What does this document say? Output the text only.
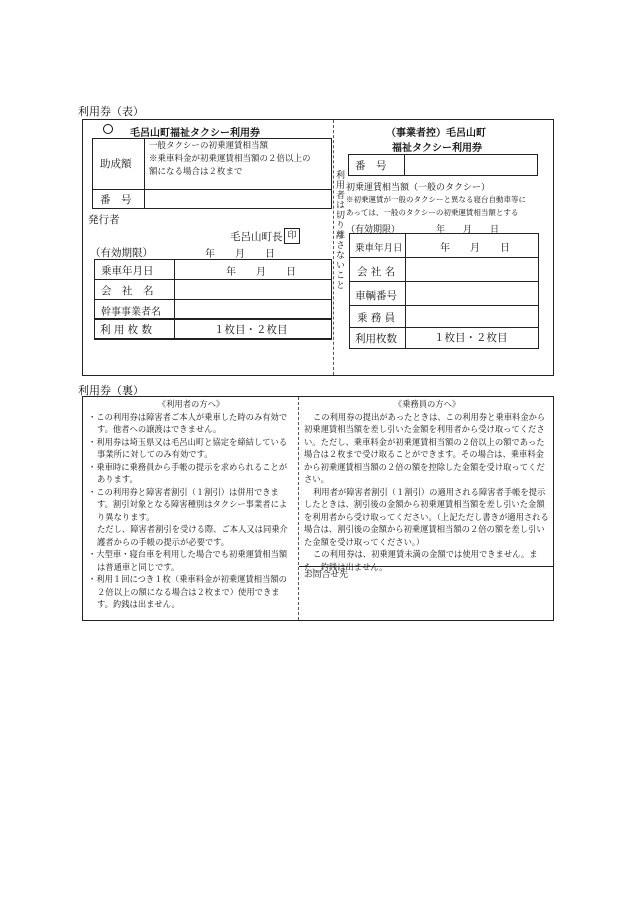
利用券（表）
利用者は切り離さないこと
毛呂山町福祉タクシー利用券
助成額
一般タクシーの初乗運賃相当額
※乗車料金が初乗運賃相当額の２倍以上の
額になる場合は２枚まで
番　号
発行者
毛呂山町長 印
（有効期限）	年　　月　　日
乗車年月日	年　　月　　日
会　社　名
幹事事業者名
利 用 枚 数	１枚目・２枚目
（事業者控）毛呂山町
福祉タクシー利用券
番　号
初乗運賃相当額（一般のタクシー）
※初乗運賃が一般のタクシーと異なる寝台自動車等に
あっては、一般のタクシーの初乗運賃相当額とする
（有効期限）	年　　月　　日
乗車年月日	年　　月　　日
会 社 名
車輌番号
乗 務 員
利用枚数	１枚目・２枚目
利用券（裏）

《利用者の方へ》

・この利用券は障害者ご本人が乗車した時のみ有効です。他者への譲渡はできません。

・利用券は埼玉県又は毛呂山町と協定を締結している事業所に対してのみ有効です。

・乗車時に乗務員から手帳の提示を求められることがあります。

・この利用券と障害者割引（１割引）は併用できます。割引対象となる障害種別はタクシー事業者により異なります。

ただし、障害者割引を受ける際、ご本人又は同乗介護者からの手帳の提示が必要です。

・大型車・寝台車を利用した場合でも初乗運賃相当額は普通車と同じです。

・利用１回につき１枚（乗車料金が初乗運賃相当額の２倍以上の額になる場合は２枚まで）使用できます。釣銭は出ません。

《乗務員の方へ》

この利用券の提出があったときは、この利用券と乗車料金から初乗運賃相当額を差し引いた金額を利用者から受け取ってください。ただし、乗車料金が初乗運賃相当額の２倍以上の額であった場合は２枚まで受け取ることができます。その場合は、乗車料金から初乗運賃相当額の２倍の額を控除した金額を受け取ってください。

利用者が障害者割引（１割引）の適用される障害者手帳を提示したときは、割引後の金額から初乗運賃相当額を差し引いた金額を利用者から受け取ってください。（上記ただし書きが適用される場合は、割引後の金額から初乗運賃相当額の２倍の額を差し引いた金額を受け取ってください。）

この利用券は、初乗運賃未満の金額では使用できません。また、釣銭は出ません。

お問合せ先
